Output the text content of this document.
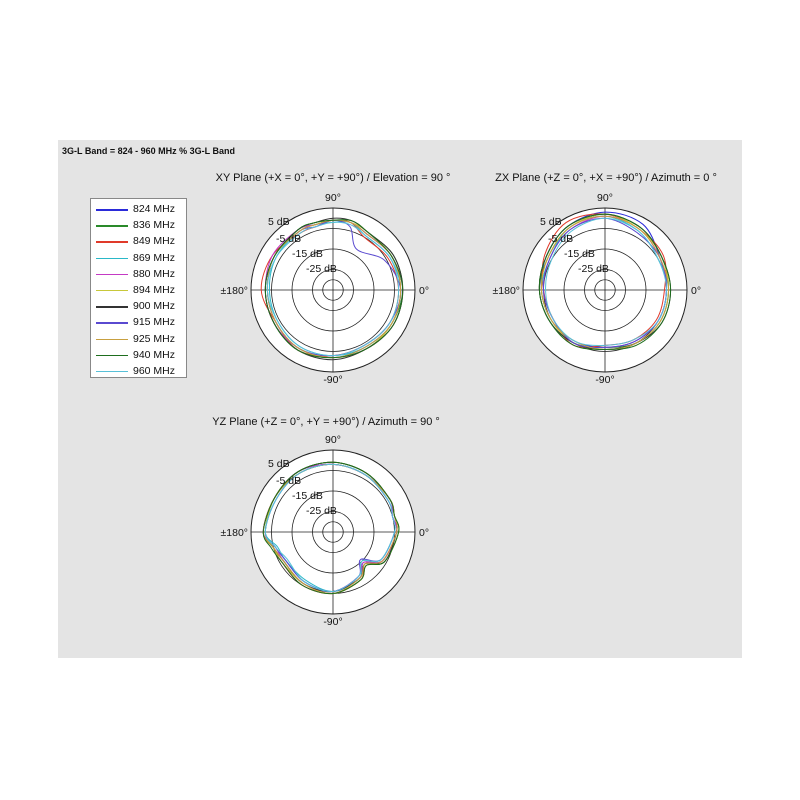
3G-L Band = 824 - 960 MHz % 3G-L Band
824 MHz
836 MHz
849 MHz
869 MHz
880 MHz
894 MHz
900 MHz
915 MHz
925 MHz
940 MHz
960 MHz
XY Plane (+X = 0°, +Y = +90°) / Elevation = 90 °	ZX Plane (+Z = 0°, +X = +90°) / Azimuth = 0 °
YZ Plane (+Z = 0°, +Y = +90°) / Azimuth = 90 °
5 dB
-5 dB
-15 dB
-25 dB
90°
-90°
0°
±180°
5 dB
-5 dB
-15 dB
-25 dB
90°
-90°
0°
±180°
5 dB
-5 dB
-15 dB
-25 dB
90°
-90°
0°
±180°
